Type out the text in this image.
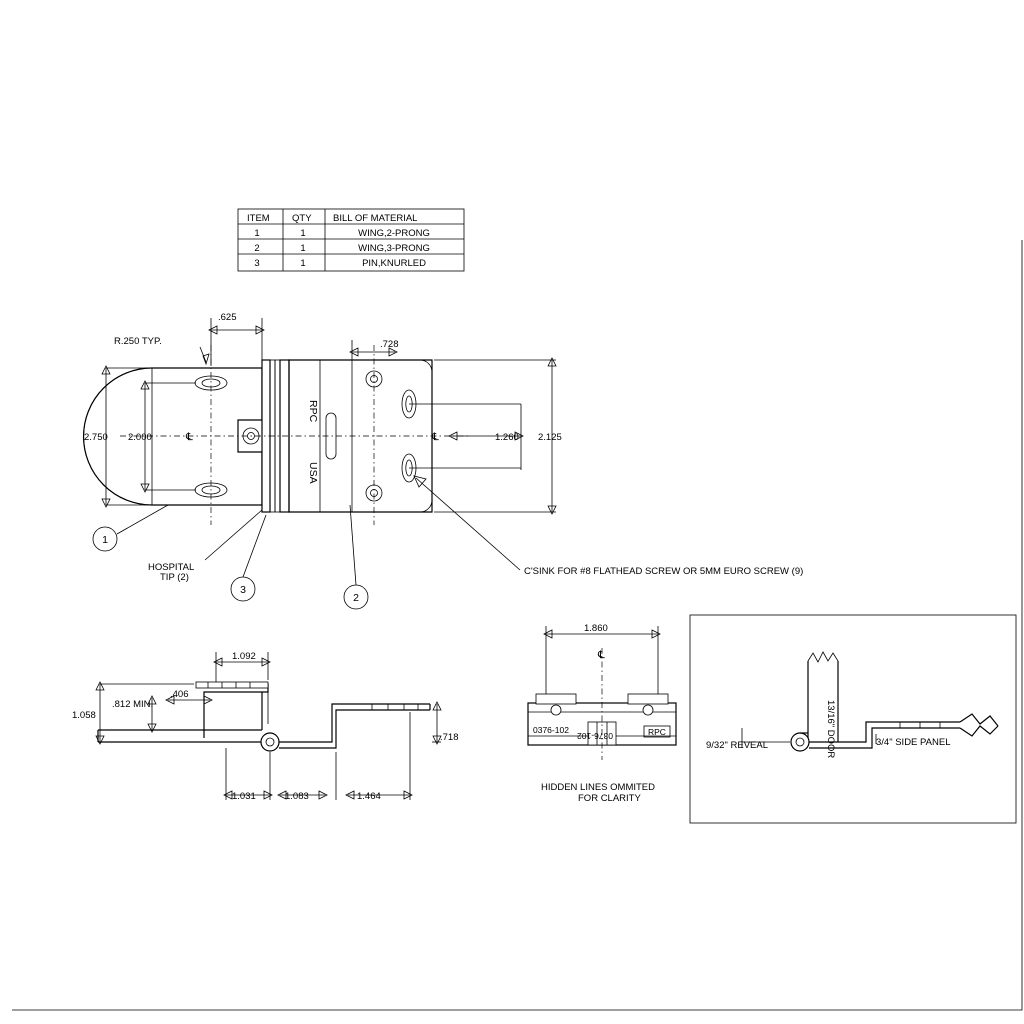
ITEM QTY BILL OF MATERIAL
1	1	WING,2-PRONG
2	1	WING,3-PRONG
3	1	PIN,KNURLED
R.250 TYP.
.625
.728
2.750 2.000	1.260 2.125
RPC
USA
℄	℄
1
3
2
HOSPITAL
TIP (2)
C'SINK FOR #8 FLATHEAD SCREW OR 5MM EURO SCREW (9)
1.092
.406
.812 MIN.
1.058
.718
1.031	1.083	1.464
1.860
℄
0376-102
0376-102	RPC
HIDDEN LINES OMMITED
FOR CLARITY
13/16" DOOR
9/32" REVEAL	3/4" SIDE PANEL
